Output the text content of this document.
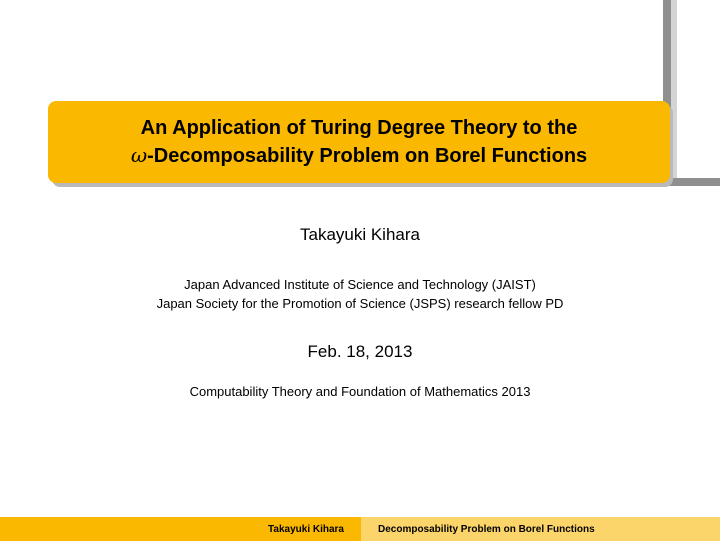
An Application of Turing Degree Theory to the
ω-Decomposability Problem on Borel Functions
Takayuki Kihara
Japan Advanced Institute of Science and Technology (JAIST)
Japan Society for the Promotion of Science (JSPS) research fellow PD
Feb. 18, 2013
Computability Theory and Foundation of Mathematics 2013
Takayuki Kihara	Decomposability Problem on Borel Functions
